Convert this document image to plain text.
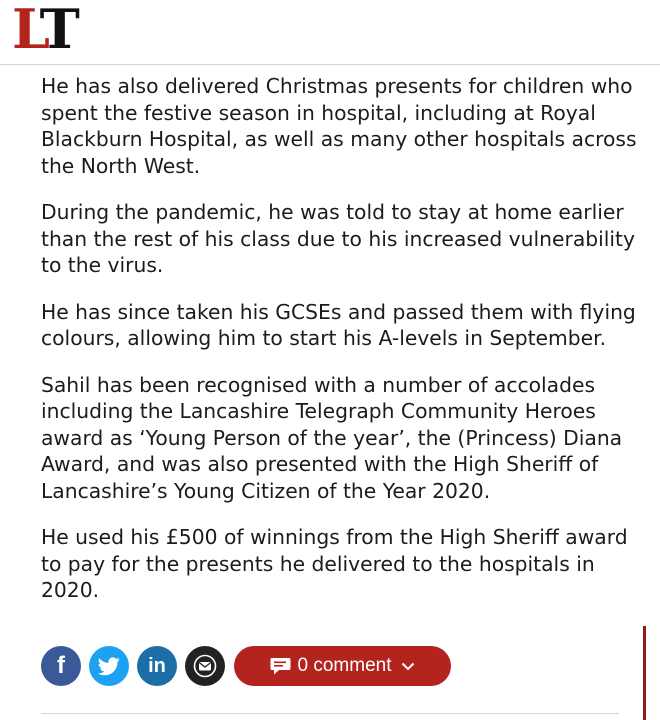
LT

He has also delivered Christmas presents for children who
spent the festive season in hospital, including at Royal
Blackburn Hospital, as well as many other hospitals across
the North West.

During the pandemic, he was told to stay at home earlier
than the rest of his class due to his increased vulnerability
to the virus.

He has since taken his GCSEs and passed them with flying
colours, allowing him to start his A-levels in September.

Sahil has been recognised with a number of accolades
including the Lancashire Telegraph Community Heroes
award as ‘Young Person of the year’, the (Princess) Diana
Award, and was also presented with the High Sheriff of
Lancashire’s Young Citizen of the Year 2020.

He used his £500 of winnings from the High Sheriff award
to pay for the presents he delivered to the hospitals in
2020.

f	in	0 comment
